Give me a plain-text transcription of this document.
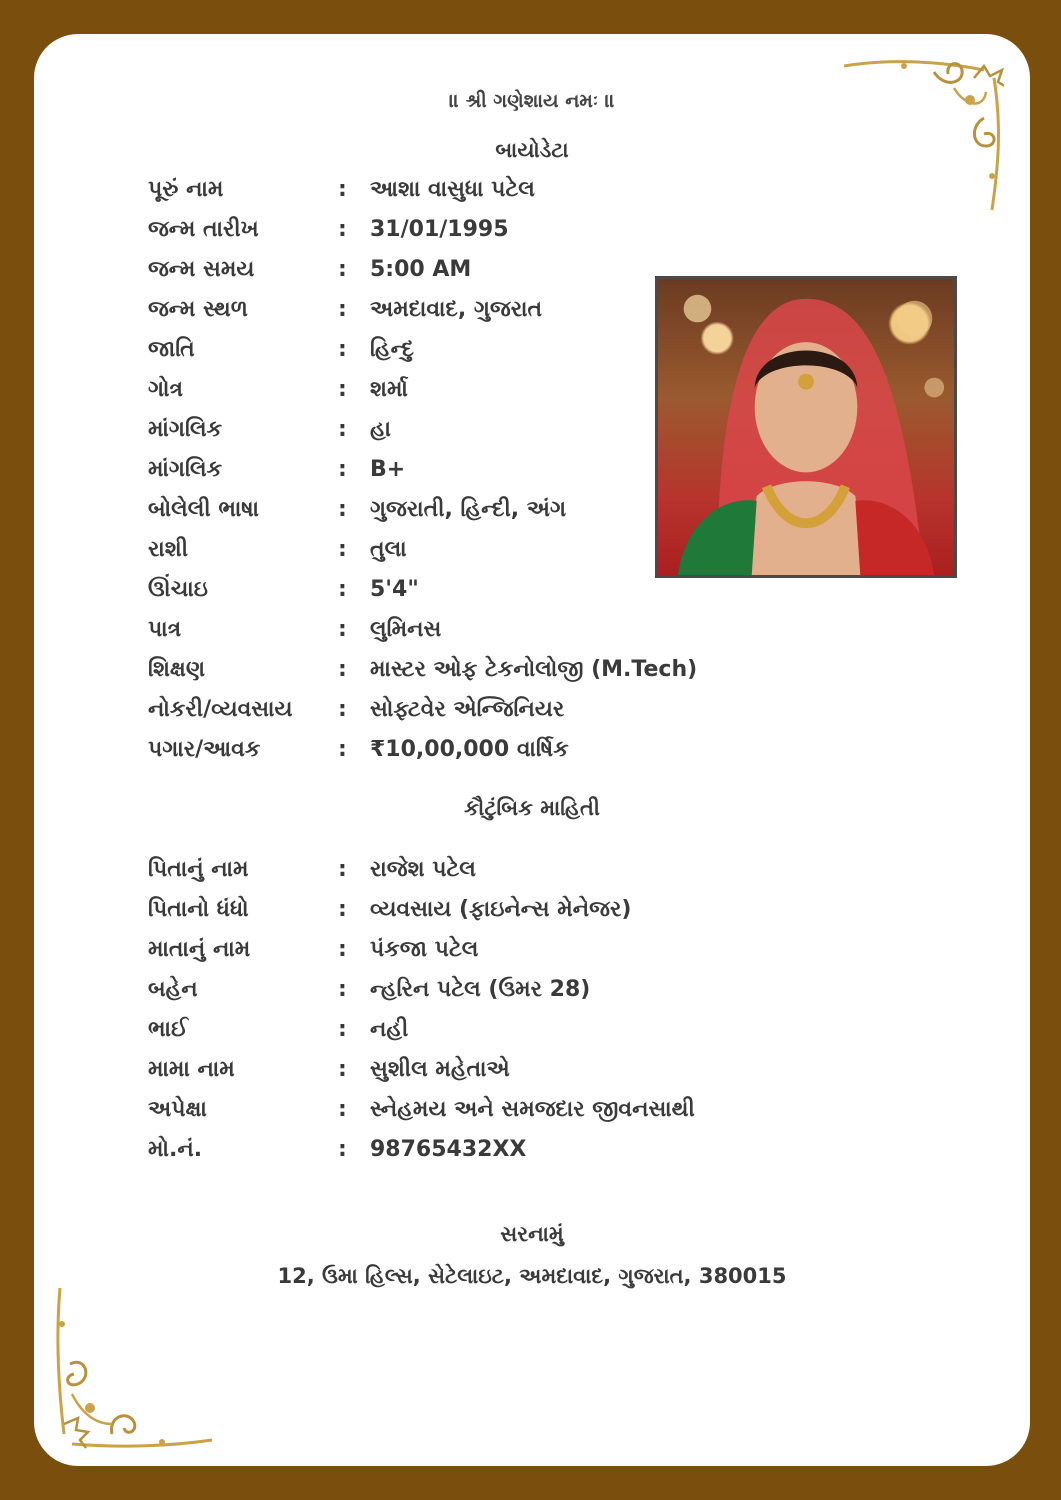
॥ શ્રી ગણેશાય નમઃ ॥
બાયોડેટા
પૂરું નામ	: આશા વાસુધા પટેલ
જન્મ તારીખ	: 31/01/1995
જન્મ સમય	: 5:00 AM
જન્મ સ્થળ	: અમદાવાદ, ગુજરાત
જાતિ	: હિન્દુ
ગોત્ર	: શર્મા
માંગલિક	: હા
માંગલિક	: B+
બોલેલી ભાષા	: ગુજરાતી, હિન્દી, અંગ
રાશી	: તુલા
ઊંચાઇ	: 5'4"
પાત્ર	: લુમિનસ
શિક્ષણ	: માસ્ટર ઓફ ટેકનોલોજી (M.Tech)
નોકરી/વ્યવસાય : સોફ્ટવેર એન્જિનિયર
પગાર/આવક	: ₹10,00,000 વાર્ષિક
કૌટુંબિક માહિતી
પિતાનું નામ	: રાજેશ પટેલ
પિતાનો ધંધો	: વ્યવસાય (ફાઇનેન્સ મેનેજર)
માતાનું નામ	: પંકજા પટેલ
બહેન	: ન્હરિન પટેલ (ઉમર 28)
ભાઈ	: નહી
મામા નામ	: સુશીલ મહેતાએ
અપેક્ષા	: સ્નેહમય અને સમજદાર જીવનસાથી
મો.નં.	: 98765432XX
સરનામું
12, ઉમા હિલ્સ, સેટેલાઇટ, અમદાવાદ, ગુજરાત, 380015
